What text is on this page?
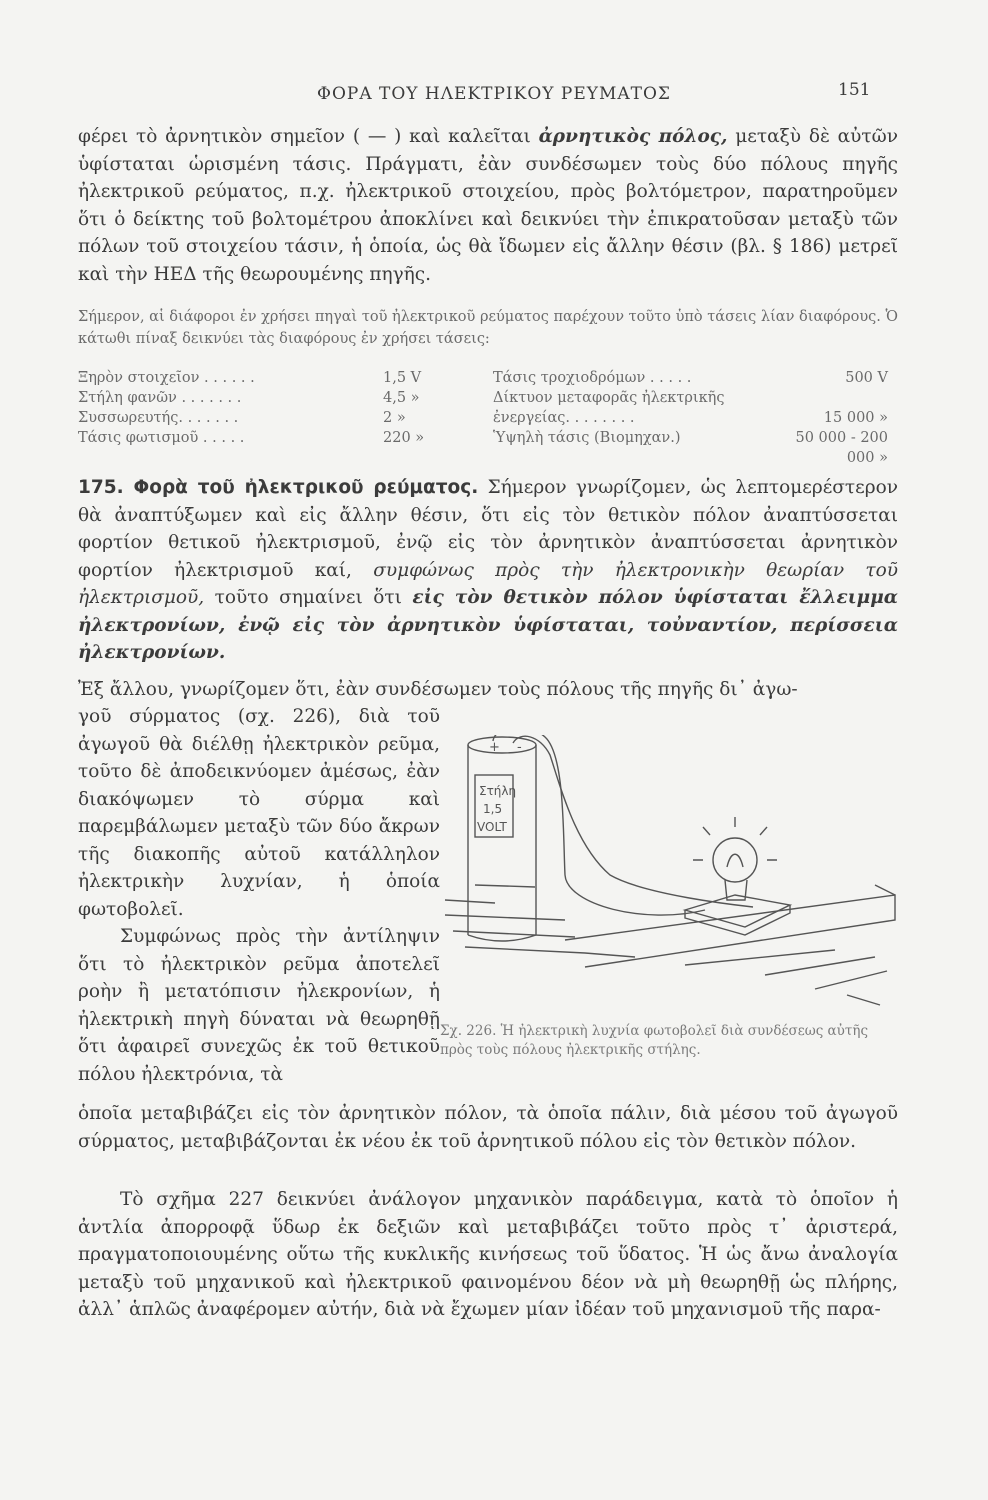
ΦΟΡΑ ΤΟΥ ΗΛΕΚΤΡΙΚΟΥ ΡΕΥΜΑΤΟΣ	151
φέρει τὸ ἀρνητικὸν σημεῖον ( — ) καὶ καλεῖται ἀρνητικὸς πόλος, μεταξὺ δὲ αὐτῶν ὑφίσταται ὡρισμένη τάσις. Πράγματι, ἐὰν συνδέσωμεν τοὺς δύο πόλους πηγῆς ἠλεκτρικοῦ ρεύματος, π.χ. ἠλεκτρικοῦ στοιχείου, πρὸς βολτόμετρον, παρατηροῦμεν ὅτι ὁ δείκτης τοῦ βολτομέτρου ἀποκλίνει καὶ δεικνύει τὴν ἐπικρατοῦσαν μεταξὺ τῶν πόλων τοῦ στοιχείου τάσιν, ἡ ὁποία, ὡς θὰ ἴδωμεν εἰς ἄλλην θέσιν (βλ. § 186) μετρεῖ καὶ τὴν ΗΕΔ τῆς θεωρουμένης πηγῆς.
Σήμερον, αἱ διάφοροι ἐν χρήσει πηγαὶ τοῦ ἠλεκτρικοῦ ρεύματος παρέχουν τοῦτο ὑπὸ τάσεις λίαν διαφόρους. Ὁ κάτωθι πίναξ δεικνύει τὰς διαφόρους ἐν χρήσει τάσεις:
Ξηρὸν στοιχεῖον . . . . . .	1,5 V	Τάσις τροχιοδρόμων . . . . .	500 V
Στήλη φανῶν . . . . . . .	4,5 »	Δίκτυον μεταφορᾶς ἠλεκτρικῆς	
Συσσωρευτής. . . . . . .	2 »	ἐνεργείας. . . . . . . .	15 000 »
Τάσις φωτισμοῦ . . . . .	220 »	Ὑψηλὴ τάσις (Βιομηχαν.)	50 000 - 200 000 »
175. Φορὰ τοῦ ἠλεκτρικοῦ ρεύματος. Σήμερον γνωρίζομεν, ὡς λεπτομερέστερον θὰ ἀναπτύξωμεν καὶ εἰς ἄλλην θέσιν, ὅτι εἰς τὸν θετικὸν πόλον ἀναπτύσσεται φορτίον θετικοῦ ἠλεκτρισμοῦ, ἐνῷ εἰς τὸν ἀρνητικὸν ἀναπτύσσεται ἀρνητικὸν φορτίον ἠλεκτρισμοῦ καί, συμφώνως πρὸς τὴν ἠλεκτρονικὴν θεωρίαν τοῦ ἠλεκτρισμοῦ, τοῦτο σημαίνει ὅτι εἰς τὸν θετικὸν πόλον ὑφίσταται ἔλλειμμα ἠλεκτρονίων, ἐνῷ εἰς τὸν ἀρνητικὸν ὑφίσταται, τοὐναντίον, περίσσεια ἠλεκτρονίων.
Ἐξ ἄλλου, γνωρίζομεν ὅτι, ἐὰν συνδέσωμεν τοὺς πόλους τῆς πηγῆς δι᾽ ἀγω-
γοῦ σύρματος (σχ. 226), διὰ τοῦ ἀγωγοῦ θὰ διέλθῃ ἠλεκτρικὸν ρεῦμα, τοῦτο δὲ ἀποδεικνύομεν ἀμέσως, ἐὰν διακόψωμεν τὸ σύρμα καὶ παρεμβάλωμεν μεταξὺ τῶν δύο ἄκρων τῆς διακοπῆς αὐτοῦ κατάλληλον ἠλεκτρικὴν λυχνίαν, ἡ ὁποία φωτοβολεῖ.
Συμφώνως πρὸς τὴν ἀντίληψιν ὅτι τὸ ἠλεκτρικὸν ρεῦμα ἀποτελεῖ ροὴν ἢ μετατόπισιν ἠλεκρονίων, ἡ ἠλεκτρικὴ πηγὴ δύναται νὰ θεωρηθῇ ὅτι ἀφαιρεῖ συνεχῶς ἐκ τοῦ θετικοῦ πόλου ἠλεκτρόνια, τὰ
Στήλη
1,5
VOLT
+ -
Σχ. 226. Ἡ ἠλεκτρικὴ λυχνία φωτοβολεῖ διὰ συνδέσεως αὐτῆς πρὸς τοὺς πόλους ἠλεκτρικῆς στήλης.
ὁποῖα μεταβιβάζει εἰς τὸν ἀρνητικὸν πόλον, τὰ ὁποῖα πάλιν, διὰ μέσου τοῦ ἀγωγοῦ σύρματος, μεταβιβάζονται ἐκ νέου ἐκ τοῦ ἀρνητικοῦ πόλου εἰς τὸν θετικὸν πόλον.
Τὸ σχῆμα 227 δεικνύει ἀνάλογον μηχανικὸν παράδειγμα, κατὰ τὸ ὁποῖον ἡ ἀντλία ἀπορροφᾷ ὕδωρ ἐκ δεξιῶν καὶ μεταβιβάζει τοῦτο πρὸς τ᾽ ἀριστερά, πραγματοποιουμένης οὕτω τῆς κυκλικῆς κινήσεως τοῦ ὕδατος. Ἡ ὡς ἄνω ἀναλογία μεταξὺ τοῦ μηχανικοῦ καὶ ἠλεκτρικοῦ φαινομένου δέον νὰ μὴ θεωρηθῇ ὡς πλήρης, ἀλλ᾽ ἁπλῶς ἀναφέρομεν αὐτήν, διὰ νὰ ἔχωμεν μίαν ἰδέαν τοῦ μηχανισμοῦ τῆς παρα-
